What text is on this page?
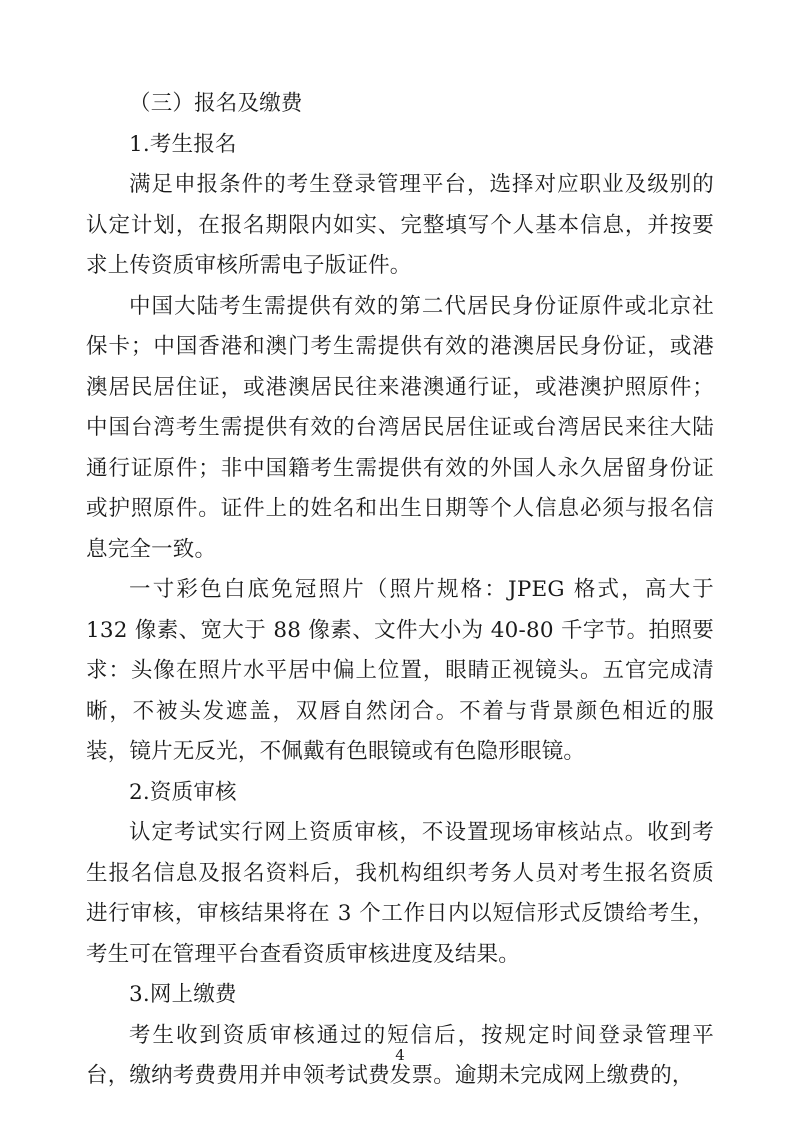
（三）报名及缴费

1.考生报名

满足申报条件的考生登录管理平台，选择对应职业及级别的认定计划，在报名期限内如实、完整填写个人基本信息，并按要求上传资质审核所需电子版证件。

中国大陆考生需提供有效的第二代居民身份证原件或北京社保卡；中国香港和澳门考生需提供有效的港澳居民身份证，或港澳居民居住证，或港澳居民往来港澳通行证，或港澳护照原件；中国台湾考生需提供有效的台湾居民居住证或台湾居民来往大陆通行证原件；非中国籍考生需提供有效的外国人永久居留身份证或护照原件。证件上的姓名和出生日期等个人信息必须与报名信息完全一致。

一寸彩色白底免冠照片（照片规格：JPEG 格式，高大于 132 像素、宽大于 88 像素、文件大小为 40-80 千字节。拍照要求：头像在照片水平居中偏上位置，眼睛正视镜头。五官完成清晰，不被头发遮盖，双唇自然闭合。不着与背景颜色相近的服装，镜片无反光，不佩戴有色眼镜或有色隐形眼镜。

2.资质审核

认定考试实行网上资质审核，不设置现场审核站点。收到考生报名信息及报名资料后，我机构组织考务人员对考生报名资质进行审核，审核结果将在 3 个工作日内以短信形式反馈给考生，考生可在管理平台查看资质审核进度及结果。

3.网上缴费

考生收到资质审核通过的短信后，按规定时间登录管理平台，缴纳考费费用并申领考试费发票。逾期未完成网上缴费的，

4
